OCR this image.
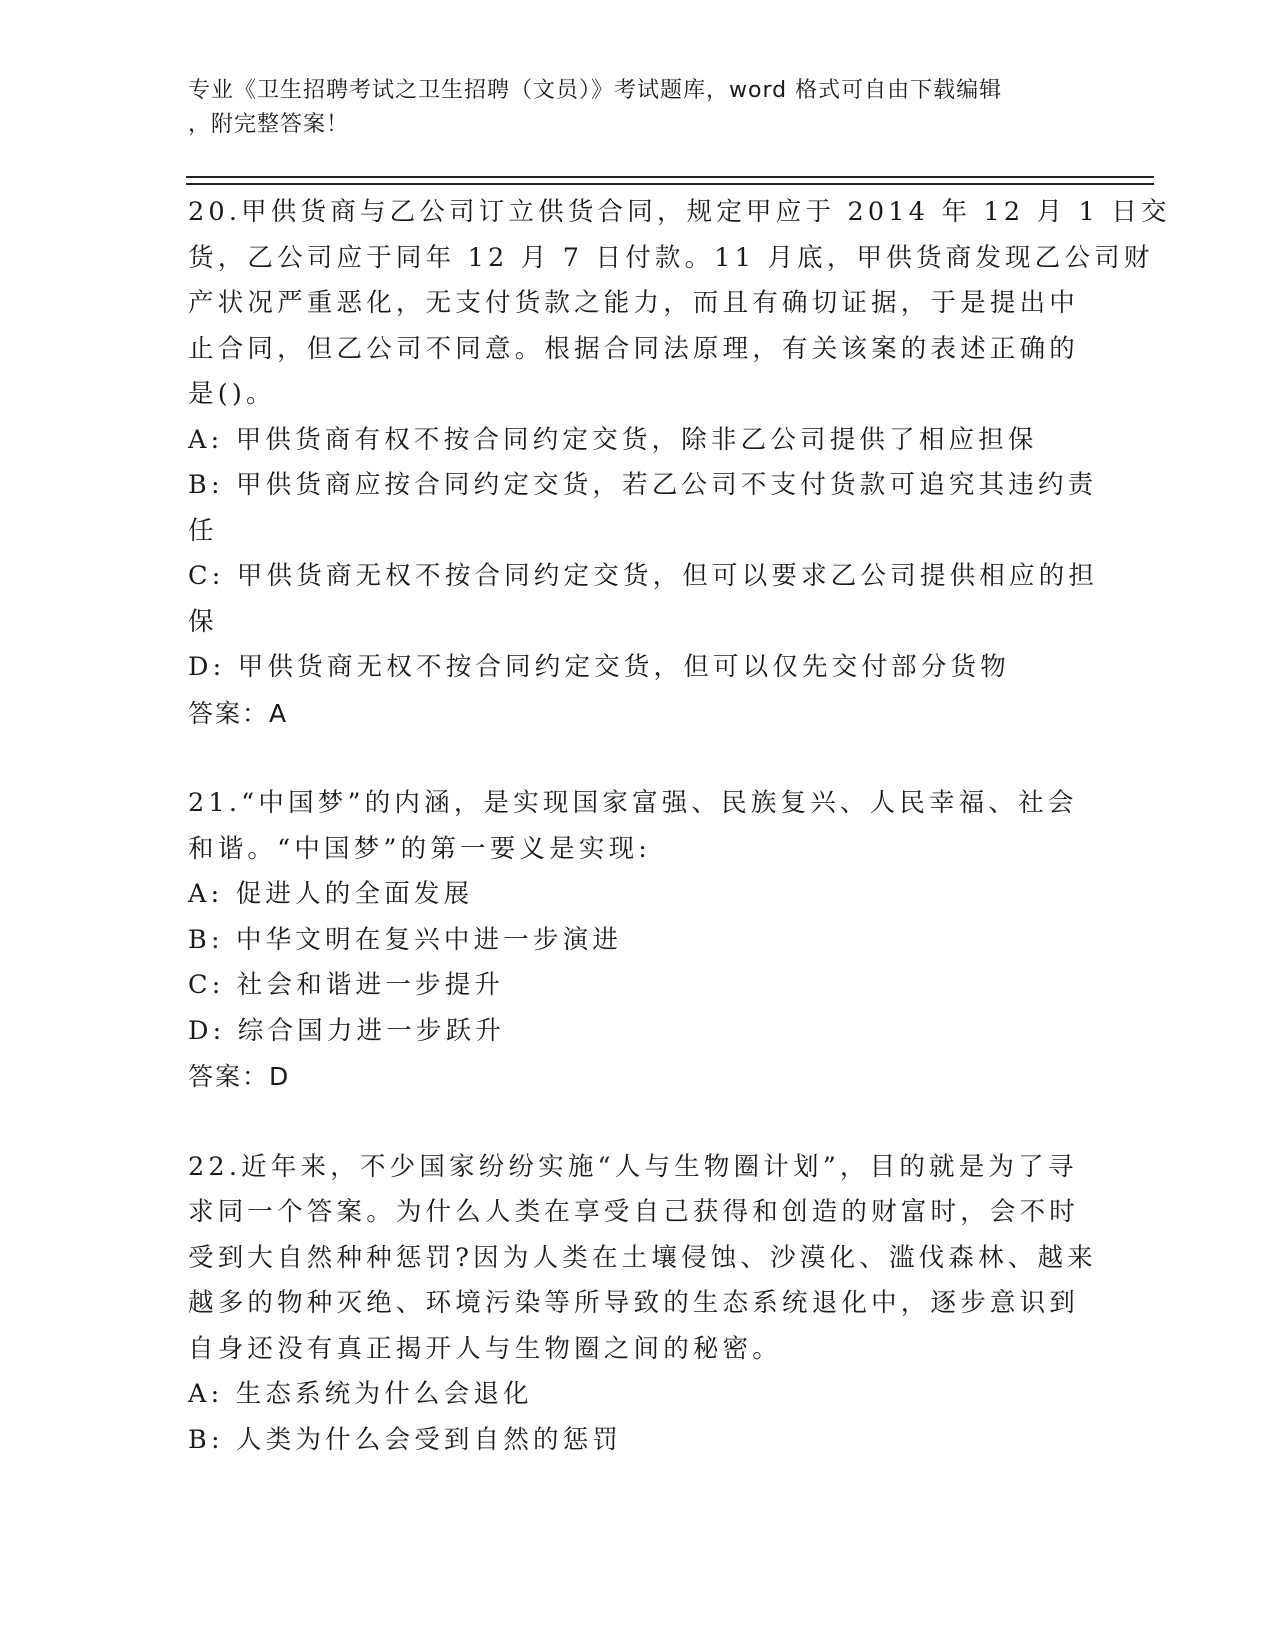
专业《卫生招聘考试之卫生招聘（文员）》考试题库，word 格式可自由下载编辑
，附完整答案！
20.甲供货商与乙公司订立供货合同，规定甲应于 2014 年 12 月 1 日交
货，乙公司应于同年 12 月 7 日付款。11 月底，甲供货商发现乙公司财
产状况严重恶化，无支付货款之能力，而且有确切证据，于是提出中
止合同，但乙公司不同意。根据合同法原理，有关该案的表述正确的
是()。
A: 甲供货商有权不按合同约定交货，除非乙公司提供了相应担保
B: 甲供货商应按合同约定交货，若乙公司不支付货款可追究其违约责
任
C: 甲供货商无权不按合同约定交货，但可以要求乙公司提供相应的担
保
D: 甲供货商无权不按合同约定交货，但可以仅先交付部分货物
答案：A
21.“中国梦”的内涵，是实现国家富强、民族复兴、人民幸福、社会
和谐。“中国梦”的第一要义是实现:
A: 促进人的全面发展
B: 中华文明在复兴中进一步演进
C: 社会和谐进一步提升
D: 综合国力进一步跃升
答案：D
22.近年来，不少国家纷纷实施“人与生物圈计划”，目的就是为了寻
求同一个答案。为什么人类在享受自己获得和创造的财富时，会不时
受到大自然种种惩罚?因为人类在土壤侵蚀、沙漠化、滥伐森林、越来
越多的物种灭绝、环境污染等所导致的生态系统退化中，逐步意识到
自身还没有真正揭开人与生物圈之间的秘密。
A: 生态系统为什么会退化
B: 人类为什么会受到自然的惩罚
